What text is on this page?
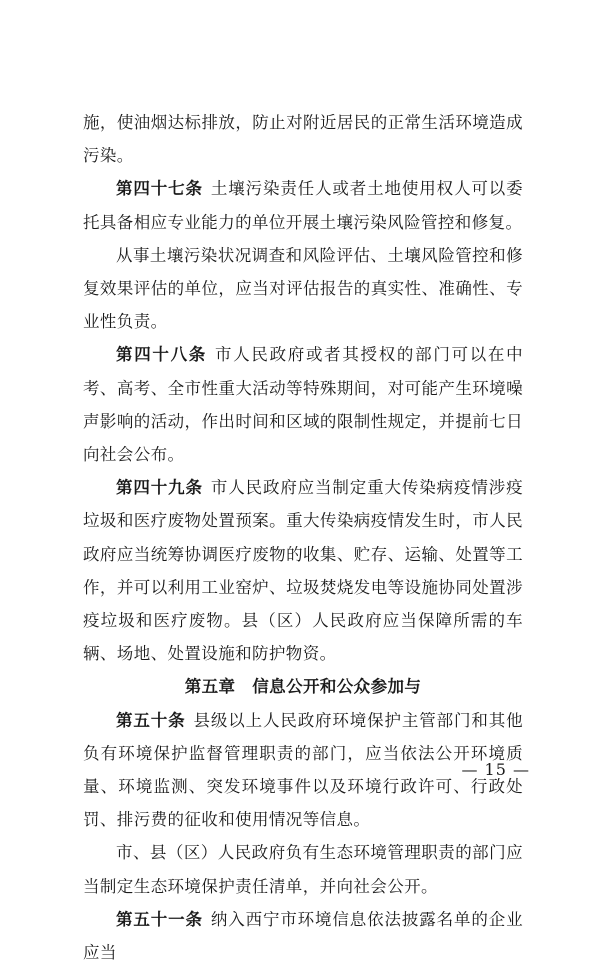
施，使油烟达标排放，防止对附近居民的正常生活环境造成污染。

第四十七条 土壤污染责任人或者土地使用权人可以委托具备相应专业能力的单位开展土壤污染风险管控和修复。

从事土壤污染状况调查和风险评估、土壤风险管控和修复效果评估的单位，应当对评估报告的真实性、准确性、专业性负责。

第四十八条 市人民政府或者其授权的部门可以在中考、高考、全市性重大活动等特殊期间，对可能产生环境噪声影响的活动，作出时间和区域的限制性规定，并提前七日向社会公布。

第四十九条 市人民政府应当制定重大传染病疫情涉疫垃圾和医疗废物处置预案。重大传染病疫情发生时，市人民政府应当统筹协调医疗废物的收集、贮存、运输、处置等工作，并可以利用工业窑炉、垃圾焚烧发电等设施协同处置涉疫垃圾和医疗废物。县（区）人民政府应当保障所需的车辆、场地、处置设施和防护物资。

第五章　信息公开和公众参加与

第五十条 县级以上人民政府环境保护主管部门和其他负有环境保护监督管理职责的部门，应当依法公开环境质量、环境监测、突发环境事件以及环境行政许可、行政处罚、排污费的征收和使用情况等信息。

市、县（区）人民政府负有生态环境管理职责的部门应当制定生态环境保护责任清单，并向社会公开。

第五十一条 纳入西宁市环境信息依法披露名单的企业应当

— 15 —
